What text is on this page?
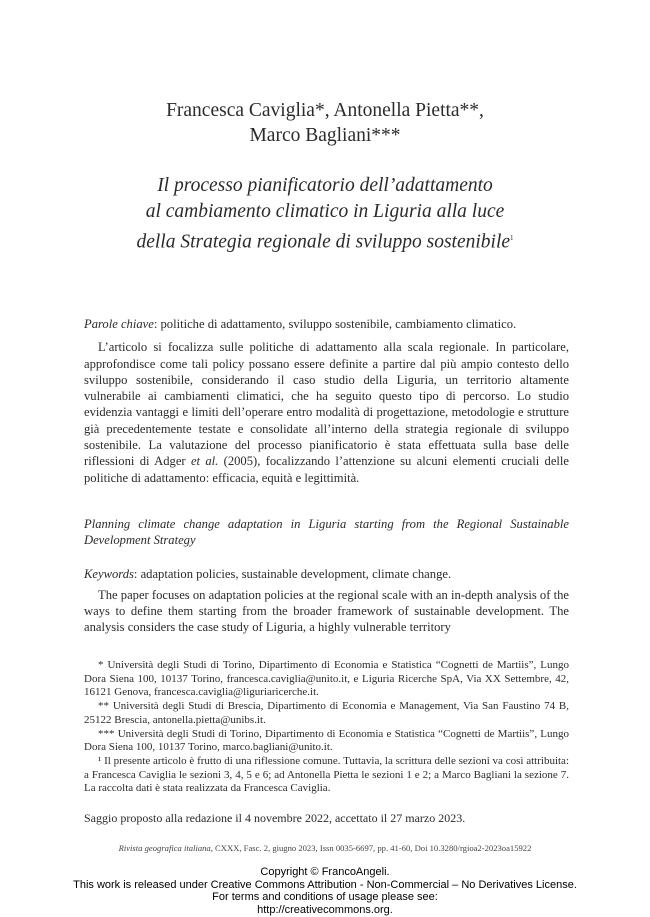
Francesca Caviglia*, Antonella Pietta**,
Marco Bagliani***
Il processo pianificatorio dell’adattamento
al cambiamento climatico in Liguria alla luce
della Strategia regionale di sviluppo sostenibile$^1$

Parole chiave: politiche di adattamento, sviluppo sostenibile, cambiamento climatico.

L’articolo si focalizza sulle politiche di adattamento alla scala regionale. In particolare, approfondisce come tali policy possano essere definite a partire dal più ampio contesto dello sviluppo sostenibile, considerando il caso studio della Liguria, un territorio altamente vulnerabile ai cambiamenti climatici, che ha seguito questo tipo di percorso. Lo studio evidenzia vantaggi e limiti dell’operare entro modalità di progettazione, metodologie e strutture già precedentemente testate e consolidate all’interno della strategia regionale di sviluppo sostenibile. La valutazione del processo pianificatorio è stata effettuata sulla base delle riflessioni di Adger et al. (2005), focalizzando l’attenzione su alcuni elementi cruciali delle politiche di adattamento: efficacia, equità e legittimità.

Planning climate change adaptation in Liguria starting from the Regional Sustainable Development Strategy

Keywords: adaptation policies, sustainable development, climate change.

The paper focuses on adaptation policies at the regional scale with an in-depth analysis of the ways to define them starting from the broader framework of sustainable development. The analysis considers the case study of Liguria, a highly vulnerable territory

* Università degli Studi di Torino, Dipartimento di Economia e Statistica “Cognetti de Martiis”, Lungo Dora Siena 100, 10137 Torino, francesca.caviglia@unito.it, e Liguria Ricerche SpA, Via XX Settembre, 42, 16121 Genova, francesca.caviglia@liguriaricerche.it.

** Università degli Studi di Brescia, Dipartimento di Economia e Management, Via San Faustino 74 B, 25122 Brescia, antonella.pietta@unibs.it.

*** Università degli Studi di Torino, Dipartimento di Economia e Statistica “Cognetti de Martiis”, Lungo Dora Siena 100, 10137 Torino, marco.bagliani@unito.it.

¹ Il presente articolo è frutto di una riflessione comune. Tuttavia, la scrittura delle sezioni va così attribuita: a Francesca Caviglia le sezioni 3, 4, 5 e 6; ad Antonella Pietta le sezioni 1 e 2; a Marco Bagliani la sezione 7. La raccolta dati è stata realizzata da Francesca Caviglia.

Saggio proposto alla redazione il 4 novembre 2022, accettato il 27 marzo 2023.
Rivista geografica italiana, CXXX, Fasc. 2, giugno 2023, Issn 0035-6697, pp. 41-60, Doi 10.3280/rgioa2-2023oa15922
Copyright © FrancoAngeli.
This work is released under Creative Commons Attribution - Non-Commercial – No Derivatives License.
For terms and conditions of usage please see:
http://creativecommons.org.
